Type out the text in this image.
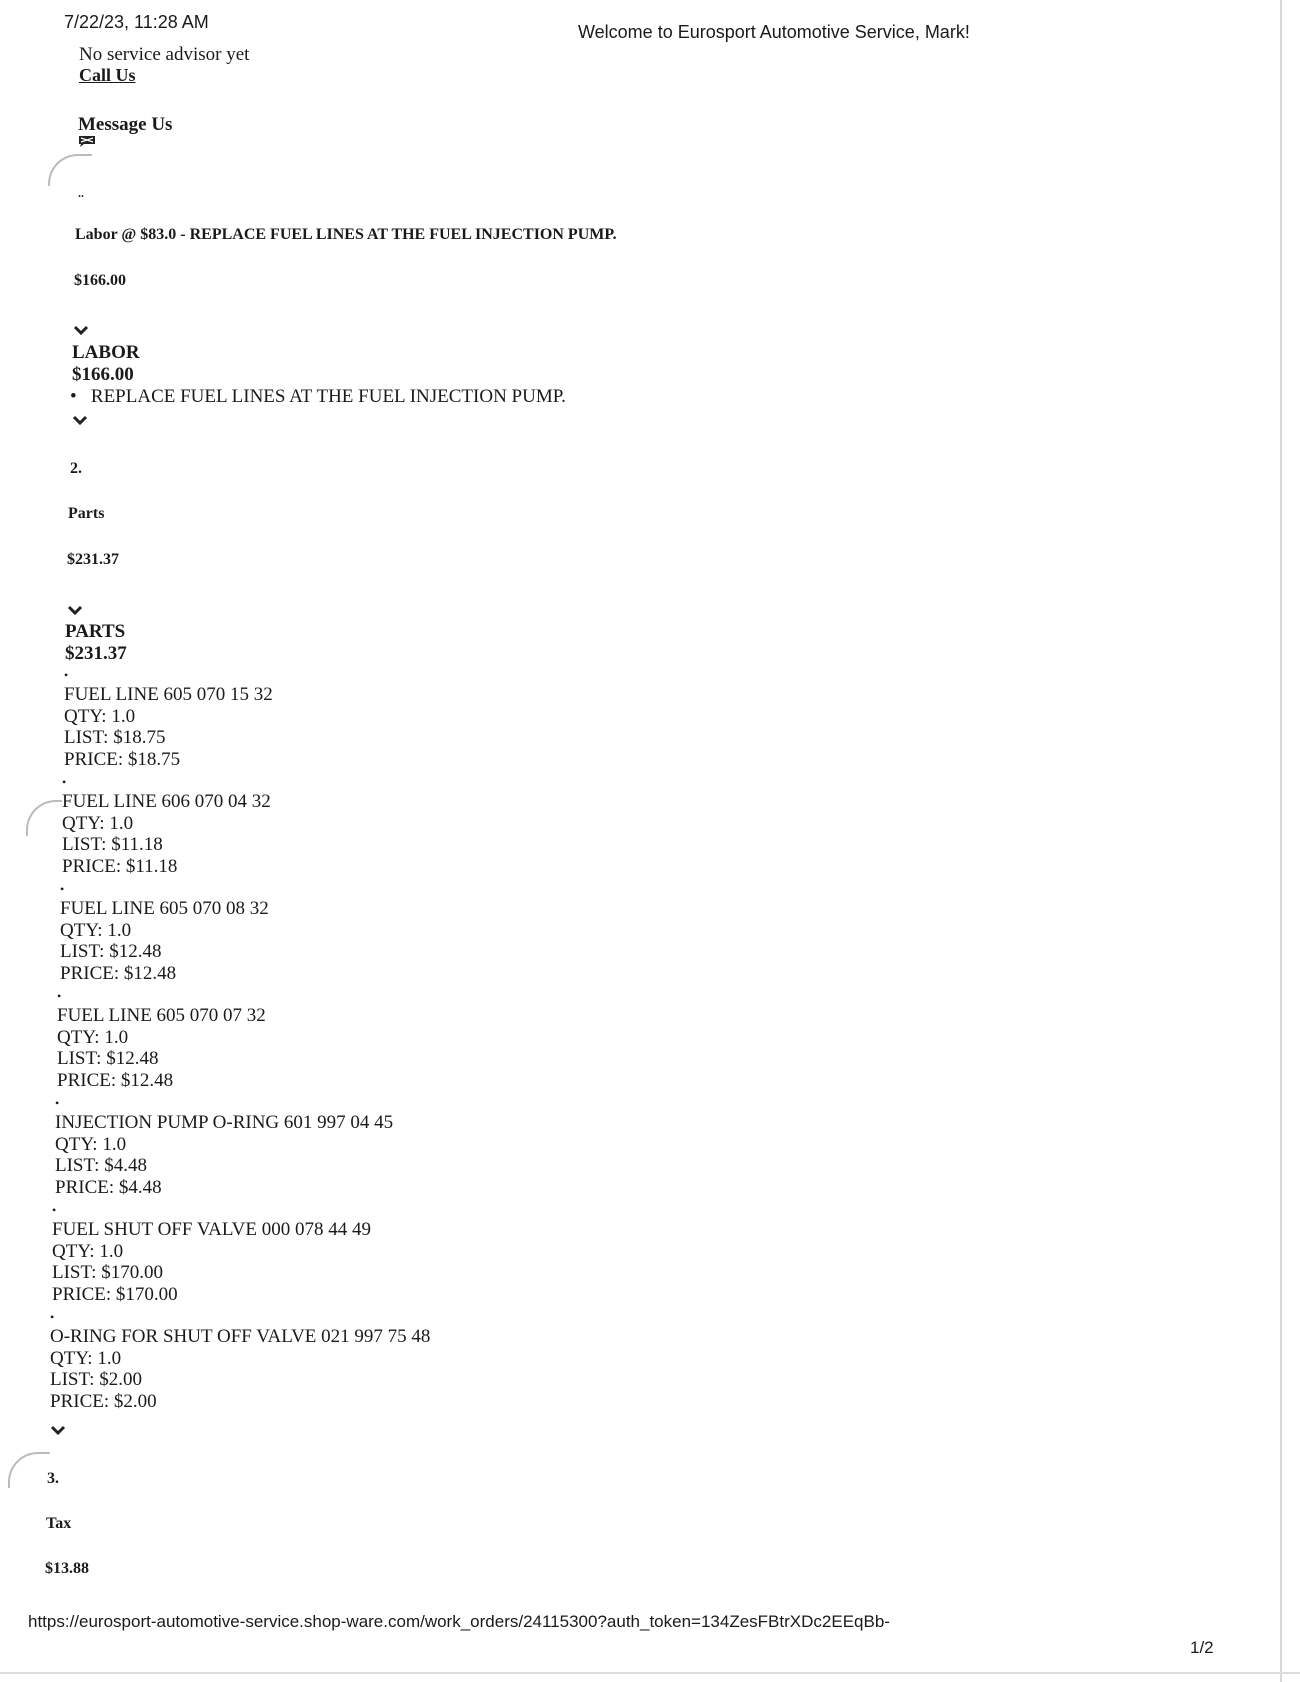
7/22/23, 11:28 AM	Welcome to Eurosport Automotive Service, Mark!
No service advisor yet
Call Us
Message Us
..
Labor @ $83.0 - REPLACE FUEL LINES AT THE FUEL INJECTION PUMP.
$166.00
LABOR
$166.00
• REPLACE FUEL LINES AT THE FUEL INJECTION PUMP.
2.
Parts
$231.37
PARTS
$231.37
•
FUEL LINE 605 070 15 32
QTY: 1.0
LIST: $18.75
PRICE: $18.75
•
FUEL LINE 606 070 04 32
QTY: 1.0
LIST: $11.18
PRICE: $11.18
•
FUEL LINE 605 070 08 32
QTY: 1.0
LIST: $12.48
PRICE: $12.48
•
FUEL LINE 605 070 07 32
QTY: 1.0
LIST: $12.48
PRICE: $12.48
•
INJECTION PUMP O-RING 601 997 04 45
QTY: 1.0
LIST: $4.48
PRICE: $4.48
•
FUEL SHUT OFF VALVE 000 078 44 49
QTY: 1.0
LIST: $170.00
PRICE: $170.00
•
O-RING FOR SHUT OFF VALVE 021 997 75 48
QTY: 1.0
LIST: $2.00
PRICE: $2.00
3.
Tax
$13.88
https://eurosport-automotive-service.shop-ware.com/work_orders/24115300?auth_token=134ZesFBtrXDc2EEqBb-
1/2
